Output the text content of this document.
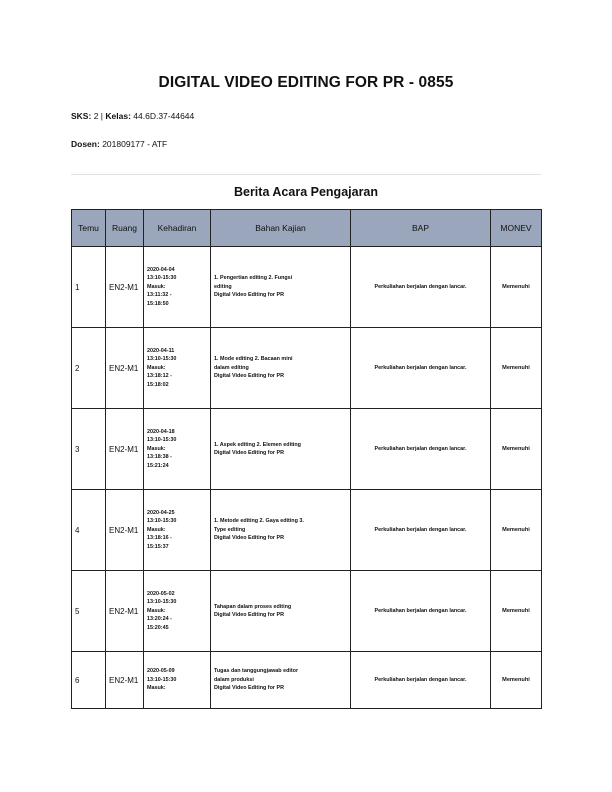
DIGITAL VIDEO EDITING FOR PR - 0855
SKS: 2 | Kelas: 44.6D.37-44644
Dosen: 201809177 - ATF
Berita Acara Pengajaran
Temu	Ruang	Kehadiran	Bahan Kajian	BAP	MONEV
1	EN2-M1	2020-04-04
13:10-15:30
Masuk:
13:11:32 -
15:18:50	1. Pengertian editing 2. Fungsi
editing
Digital Video Editing for PR	Perkuliahan berjalan dengan lancar.	Memenuhi
2	EN2-M1	2020-04-11
13:10-15:30
Masuk:
13:18:12 -
15:18:02	1. Mode editing 2. Bacaan mini
dalam editing
Digital Video Editing for PR	Perkuliahan berjalan dengan lancar.	Memenuhi
3	EN2-M1	2020-04-18
13:10-15:30
Masuk:
13:18:38 -
15:21:24	1. Aspek editing 2. Elemen editing
Digital Video Editing for PR	Perkuliahan berjalan dengan lancar.	Memenuhi
4	EN2-M1	2020-04-25
13:10-15:30
Masuk:
13:18:16 -
15:15:37	1. Metode editing 2. Gaya editing 3.
Type editing
Digital Video Editing for PR	Perkuliahan berjalan dengan lancar.	Memenuhi
5	EN2-M1	2020-05-02
13:10-15:30
Masuk:
13:20:24 -
15:20:45	Tahapan dalam proses editing
Digital Video Editing for PR	Perkuliahan berjalan dengan lancar.	Memenuhi
6	EN2-M1	2020-05-09
13:10-15:30
Masuk:	Tugas dan tanggungjawab editor
dalam produksi
Digital Video Editing for PR	Perkuliahan berjalan dengan lancar.	Memenuhi
